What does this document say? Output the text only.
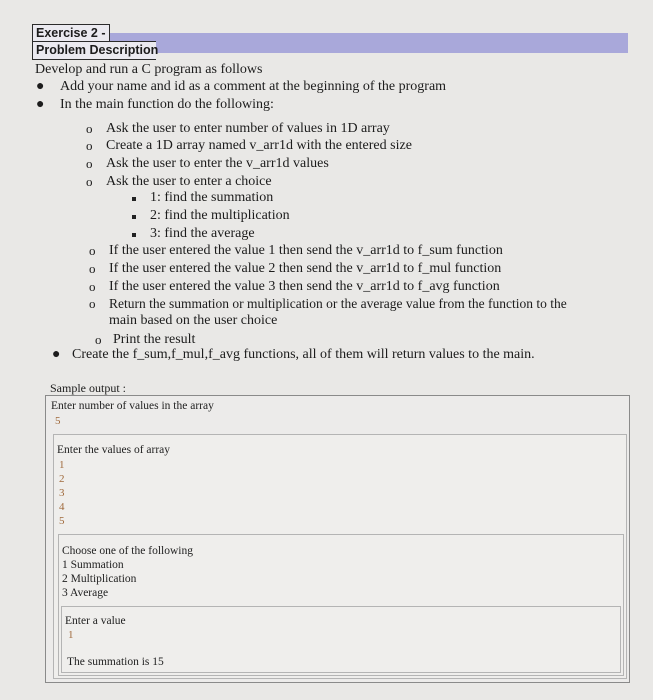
Exercise 2 -
Problem Description
Develop and run a C program as follows
● Add your name and id as a comment at the beginning of the program
● In the main function do the following:
o Ask the user to enter number of values in 1D array
o Create a 1D array named v_arr1d with the entered size
o Ask the user to enter the v_arr1d values
o Ask the user to enter a choice
1: find the summation
2: find the multiplication
3: find the average
o If the user entered the value 1 then send the v_arr1d to f_sum function
o If the user entered the value 2 then send the v_arr1d to f_mul function
o If the user entered the value 3 then send the v_arr1d to f_avg function
o Return the summation or multiplication or the average value from the function to the
main based on the user choice
o Print the result
● Create the f_sum,f_mul,f_avg functions, all of them will return values to the main.
Sample output :
Enter number of values in the array
5
Enter the values of array
1
2
3
4
5
Choose one of the following
1 Summation
2 Multiplication
3 Average
Enter a value
1
The summation is 15
